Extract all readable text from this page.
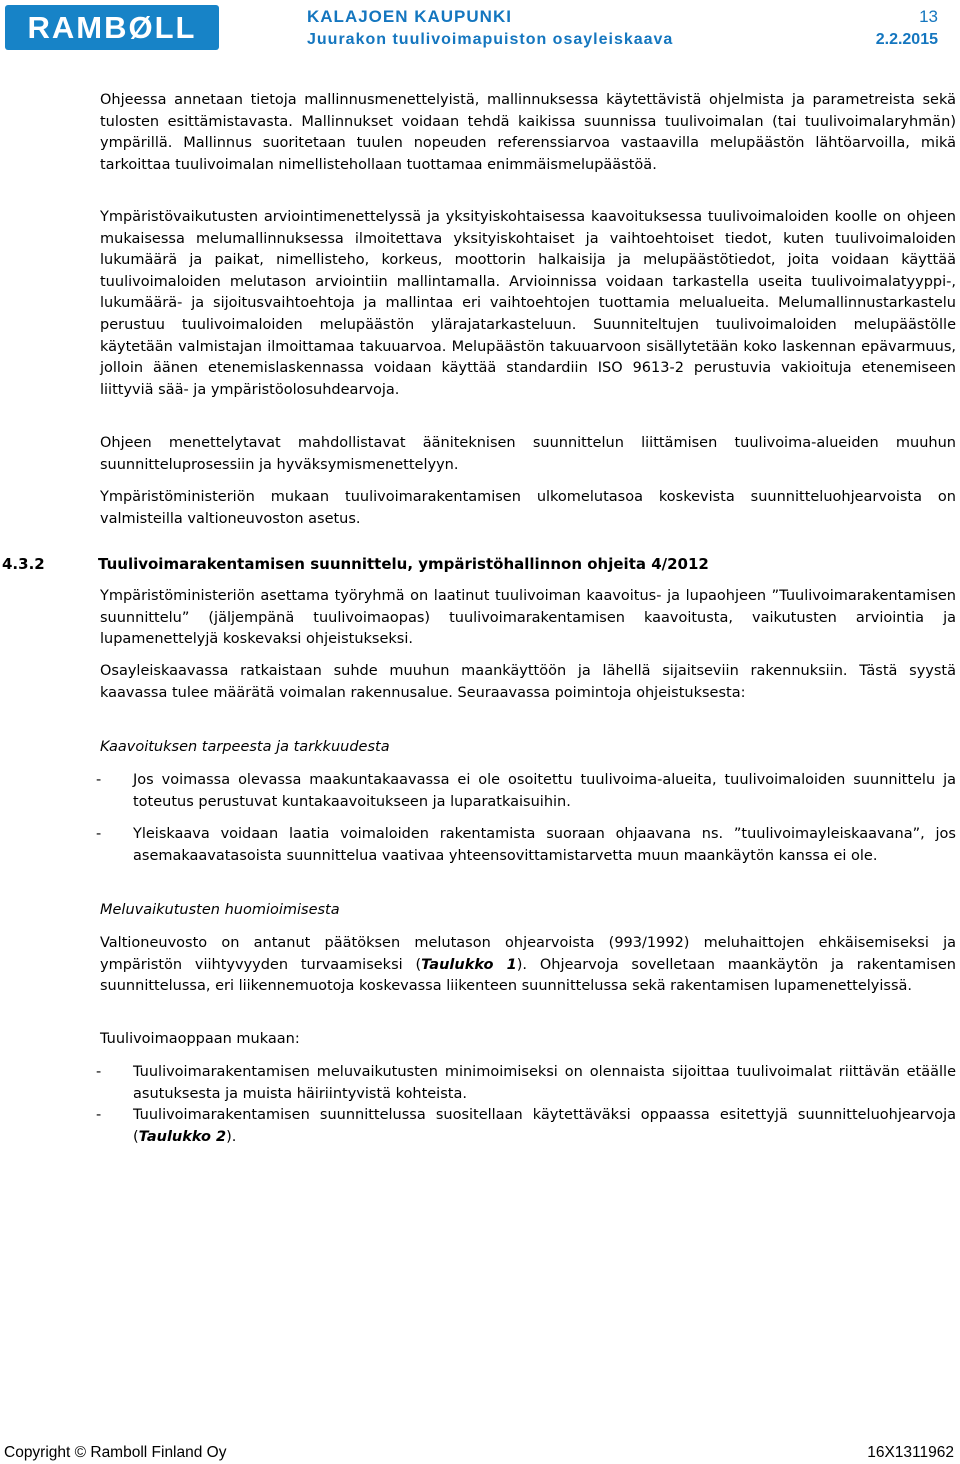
RAMBØLL	KALAJOEN KAUPUNKI
Juurakon tuulivoimapuiston osayleiskaava
13
2.2.2015
Ohjeessa annetaan tietoja mallinnusmenettelyistä, mallinnuksessa käytettävistä ohjelmista ja parametreista sekä tulosten esittämistavasta. Mallinnukset voidaan tehdä kaikissa suunnissa tuulivoimalan (tai tuulivoimalaryhmän) ympärillä. Mallinnus suoritetaan tuulen nopeuden referenssiarvoa vastaavilla melupäästön lähtöarvoilla, mikä tarkoittaa tuulivoimalan nimellistehollaan tuottamaa enimmäismelupäästöä.
Ympäristövaikutusten arviointimenettelyssä ja yksityiskohtaisessa kaavoituksessa tuulivoimaloiden koolle on ohjeen mukaisessa melumallinnuksessa ilmoitettava yksityiskohtaiset ja vaihtoehtoiset tiedot, kuten tuulivoimaloiden lukumäärä ja paikat, nimellisteho, korkeus, moottorin halkaisija ja melupäästötiedot, joita voidaan käyttää tuulivoimaloiden melutason arviointiin mallintamalla. Arvioinnissa voidaan tarkastella useita tuulivoimalatyyppi-, lukumäärä- ja sijoitusvaihtoehtoja ja mallintaa eri vaihtoehtojen tuottamia melualueita. Melumallinnustarkastelu perustuu tuulivoimaloiden melupäästön ylärajatarkasteluun. Suunniteltujen tuulivoimaloiden melupäästölle käytetään valmistajan ilmoittamaa takuuarvoa. Melupäästön takuuarvoon sisällytetään koko laskennan epävarmuus, jolloin äänen etenemislaskennassa voidaan käyttää standardiin ISO 9613-2 perustuvia vakioituja etenemiseen liittyviä sää- ja ympäristöolosuhdearvoja.
Ohjeen menettelytavat mahdollistavat ääniteknisen suunnittelun liittämisen tuulivoima-alueiden muuhun suunnitteluprosessiin ja hyväksymismenettelyyn.
Ympäristöministeriön mukaan tuulivoimarakentamisen ulkomelutasoa koskevista suunnitteluohjearvoista on valmisteilla valtioneuvoston asetus.
4.3.2	Tuulivoimarakentamisen suunnittelu, ympäristöhallinnon ohjeita 4/2012
Ympäristöministeriön asettama työryhmä on laatinut tuulivoiman kaavoitus- ja lupaohjeen ”Tuulivoimarakentamisen suunnittelu” (jäljempänä tuulivoimaopas) tuulivoimarakentamisen kaavoitusta, vaikutusten arviointia ja lupamenettelyjä koskevaksi ohjeistukseksi.
Osayleiskaavassa ratkaistaan suhde muuhun maankäyttöön ja lähellä sijaitseviin rakennuksiin. Tästä syystä kaavassa tulee määrätä voimalan rakennusalue. Seuraavassa poimintoja ohjeistuksesta:
Kaavoituksen tarpeesta ja tarkkuudesta
- Jos voimassa olevassa maakuntakaavassa ei ole osoitettu tuulivoima-alueita, tuulivoimaloiden suunnittelu ja toteutus perustuvat kuntakaavoitukseen ja luparatkaisuihin.
- Yleiskaava voidaan laatia voimaloiden rakentamista suoraan ohjaavana ns. ”tuulivoimayleiskaavana”, jos asemakaavatasoista suunnittelua vaativaa yhteensovittamistarvetta muun maankäytön kanssa ei ole.
Meluvaikutusten huomioimisesta
Valtioneuvosto on antanut päätöksen melutason ohjearvoista (993/1992) meluhaittojen ehkäisemiseksi ja ympäristön viihtyvyyden turvaamiseksi (Taulukko 1). Ohjearvoja sovelletaan maankäytön ja rakentamisen suunnittelussa, eri liikennemuotoja koskevassa liikenteen suunnittelussa sekä rakentamisen lupamenettelyissä.
Tuulivoimaoppaan mukaan:
- Tuulivoimarakentamisen meluvaikutusten minimoimiseksi on olennaista sijoittaa tuulivoimalat riittävän etäälle asutuksesta ja muista häiriintyvistä kohteista.
- Tuulivoimarakentamisen suunnittelussa suositellaan käytettäväksi oppaassa esitettyjä suunnitteluohjearvoja (Taulukko 2).
Copyright © Ramboll Finland Oy	16X1311962
